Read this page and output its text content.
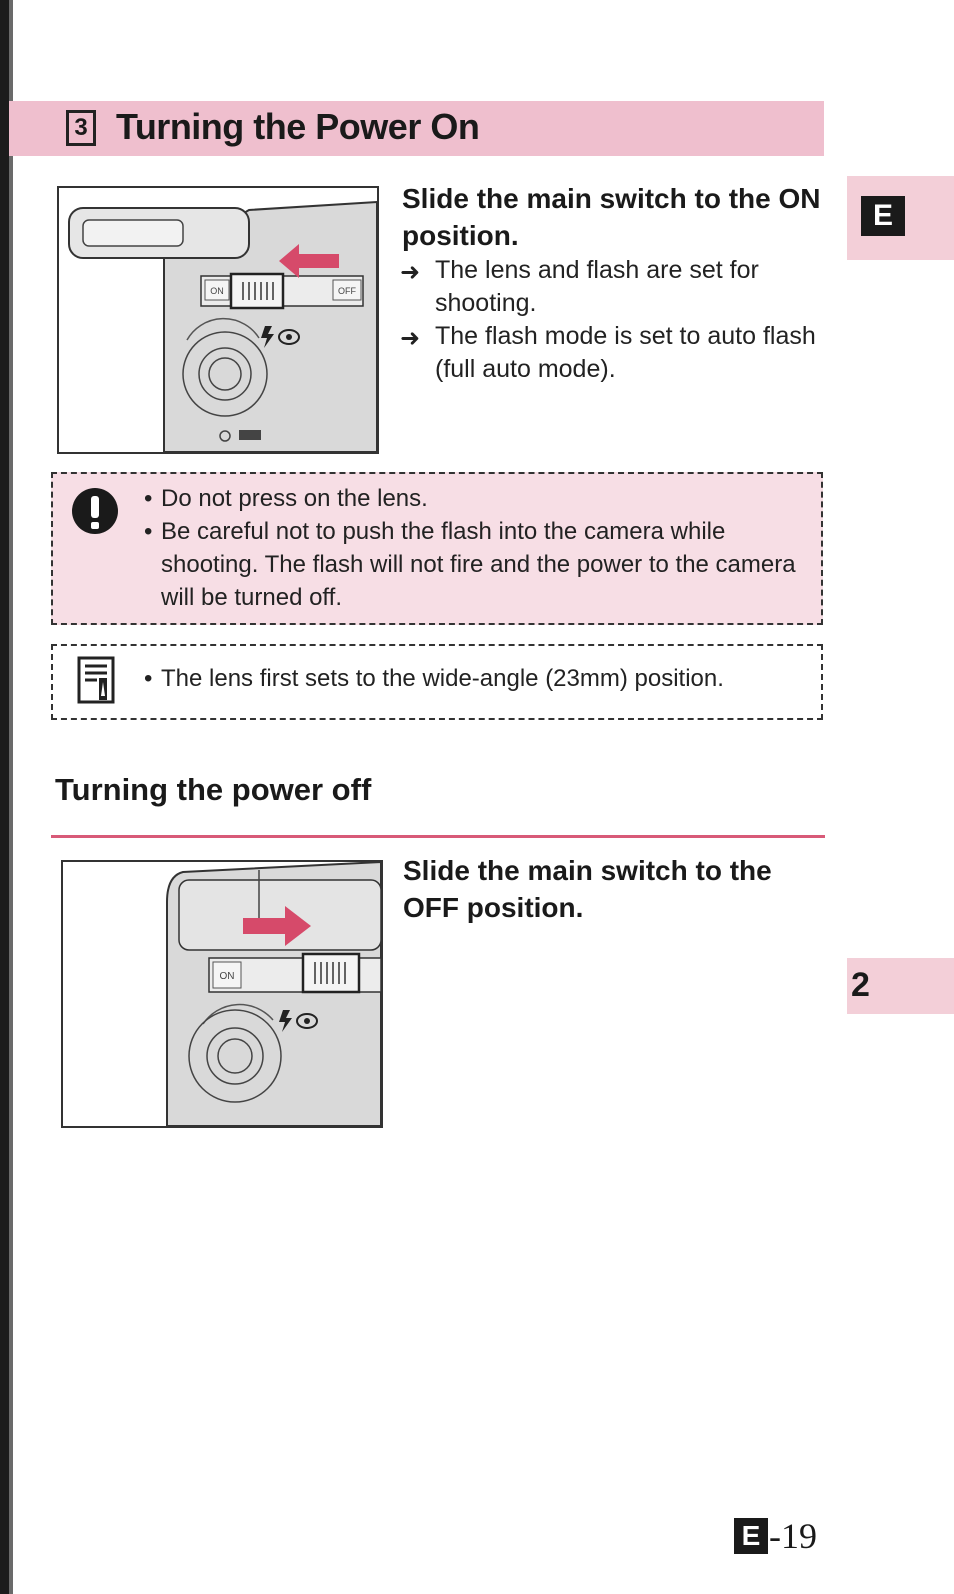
3 Turning the Power On
E
2
ON	OFF
Slide the main switch to the ON position.
➜ The lens and flash are set for shooting.
➜ The flash mode is set to auto flash (full auto mode).
• Do not press on the lens.
• Be careful not to push the flash into the camera while shooting. The flash will not fire and the power to the camera will be turned off.
• The lens first sets to the wide-angle (23mm) position.
Turning the power off
ON
Slide the main switch to the OFF position.
E -19
